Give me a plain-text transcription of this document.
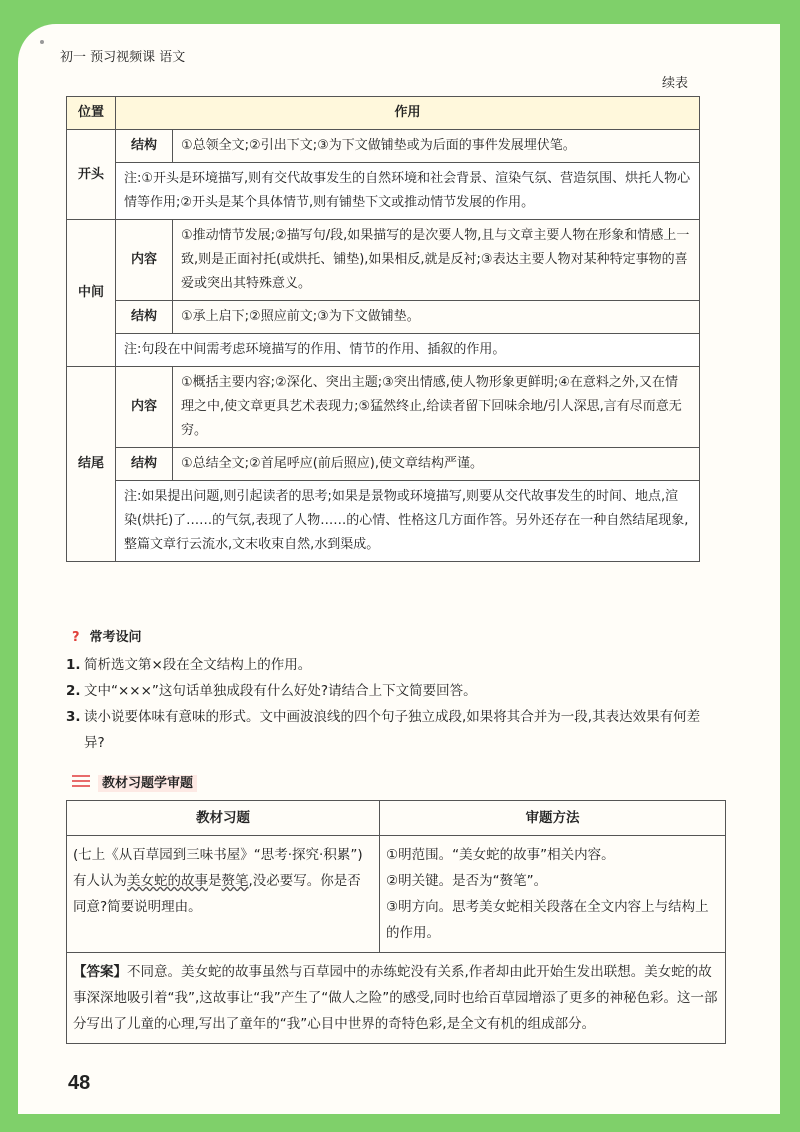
初一 预习视频课 语文
续表
位置	作用	
开头	结构	①总领全文;②引出下文;③为下文做铺垫或为后面的事件发展埋伏笔。
	注:①开头是环境描写,则有交代故事发生的自然环境和社会背景、渲染气氛、营造氛围、烘托人物心情等作用;②开头是某个具体情节,则有铺垫下文或推动情节发展的作用。	
中间	内容	①推动情节发展;②描写句/段,如果描写的是次要人物,且与文章主要人物在形象和情感上一致,则是正面衬托(或烘托、铺垫),如果相反,就是反衬;③表达主要人物对某种特定事物的喜爱或突出其特殊意义。
	结构	①承上启下;②照应前文;③为下文做铺垫。
	注:句段在中间需考虑环境描写的作用、情节的作用、插叙的作用。	
结尾	内容	①概括主要内容;②深化、突出主题;③突出情感,使人物形象更鲜明;④在意料之外,又在情理之中,使文章更具艺术表现力;⑤猛然终止,给读者留下回味余地/引人深思,言有尽而意无穷。
	结构	①总结全文;②首尾呼应(前后照应),使文章结构严谨。
	注:如果提出问题,则引起读者的思考;如果是景物或环境描写,则要从交代故事发生的时间、地点,渲染(烘托)了……的气氛,表现了人物……的心情、性格这几方面作答。另外还存在一种自然结尾现象,整篇文章行云流水,文末收束自然,水到渠成。	
? 常考设问
1. 简析选文第×段在全文结构上的作用。
2. 文中“×××”这句话单独成段有什么好处?请结合上下文简要回答。
3. 读小说要体味有意味的形式。文中画波浪线的四个句子独立成段,如果将其合并为一段,其表达效果有何差异?
教材习题学审题
教材习题	审题方法
(七上《从百草园到三味书屋》“思考·探究·积累”)有人认为美女蛇的故事是赘笔,没必要写。你是否同意?简要说明理由。	①明范围。“美女蛇的故事”相关内容。
②明关键。是否为“赘笔”。
③明方向。思考美女蛇相关段落在全文内容上与结构上的作用。

【答案】不同意。美女蛇的故事虽然与百草园中的赤练蛇没有关系,作者却由此开始生发出联想。美女蛇的故事深深地吸引着“我”,这故事让“我”产生了“做人之险”的感受,同时也给百草园增添了更多的神秘色彩。这一部分写出了儿童的心理,写出了童年的“我”心目中世界的奇特色彩,是全文有机的组成部分。	
48
